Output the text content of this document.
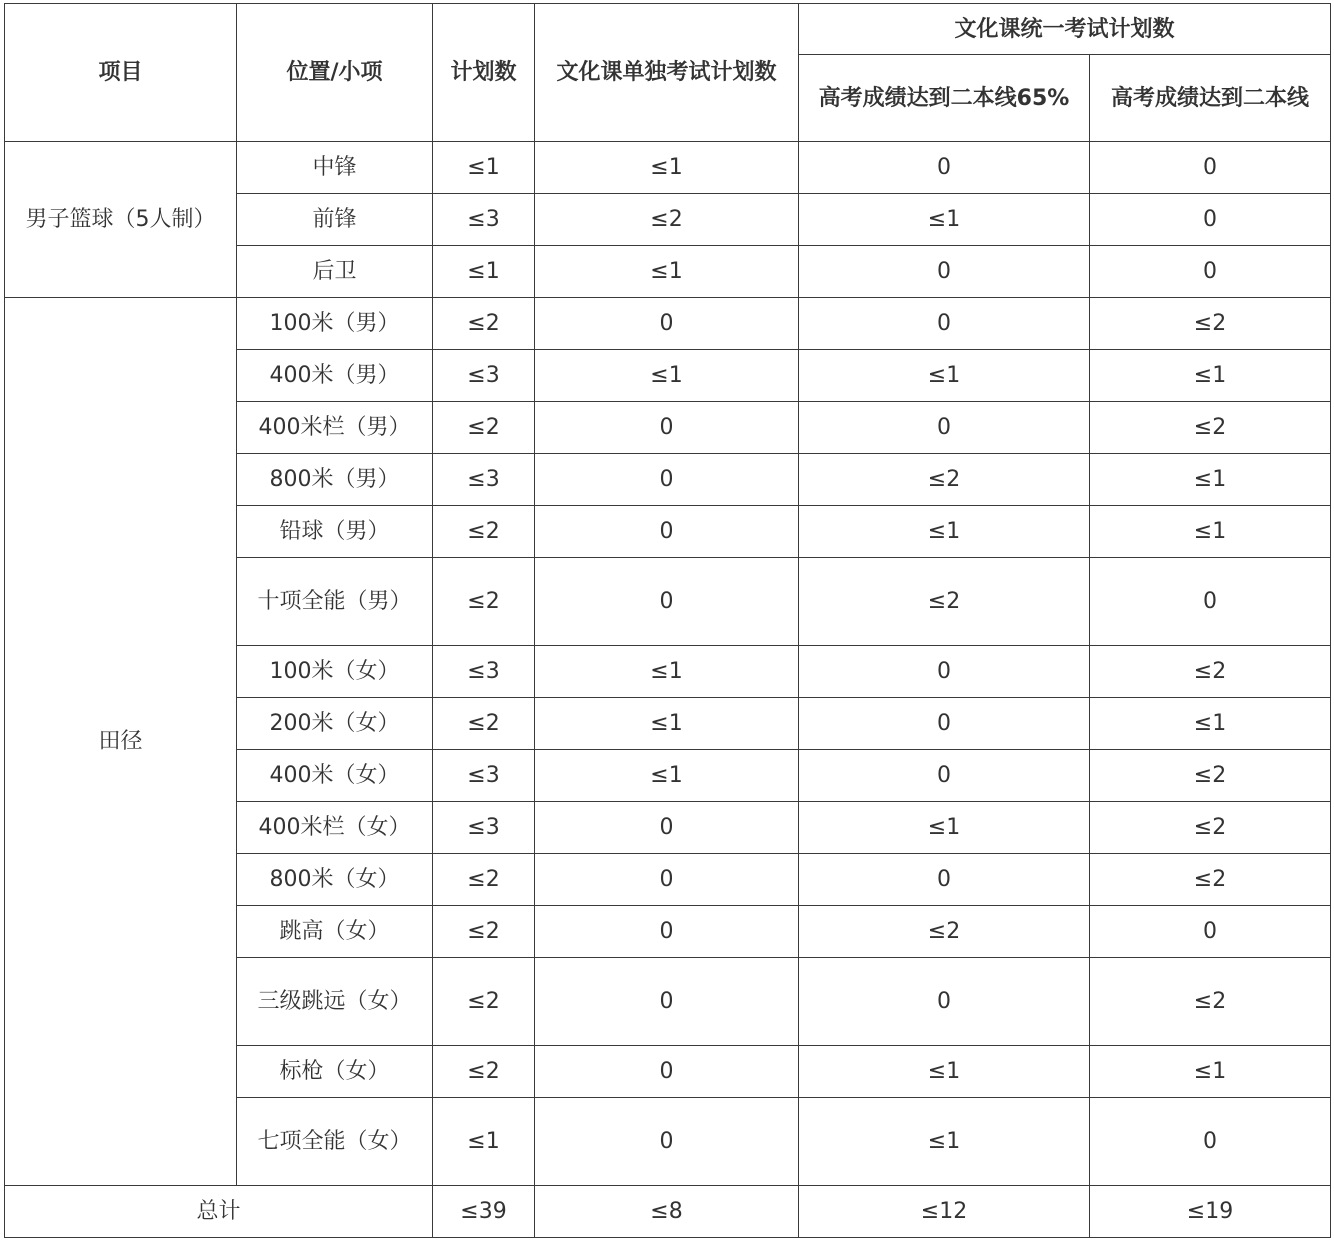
项目	位置/小项	计划数	文化课单独考试计划数	文化课统一考试计划数	
				高考成绩达到二本线65%	高考成绩达到二本线
男子篮球（5人制）	中锋	≤1	≤1	0	0
	前锋	≤3	≤2	≤1	0
	后卫	≤1	≤1	0	0
田径	100米（男）	≤2	0	0	≤2
	400米（男）	≤3	≤1	≤1	≤1
	400米栏（男）	≤2	0	0	≤2
	800米（男）	≤3	0	≤2	≤1
	铅球（男）	≤2	0	≤1	≤1
	十项全能（男）	≤2	0	≤2	0
	100米（女）	≤3	≤1	0	≤2
	200米（女）	≤2	≤1	0	≤1
	400米（女）	≤3	≤1	0	≤2
	400米栏（女）	≤3	0	≤1	≤2
	800米（女）	≤2	0	0	≤2
	跳高（女）	≤2	0	≤2	0
	三级跳远（女）	≤2	0	0	≤2
	标枪（女）	≤2	0	≤1	≤1
	七项全能（女）	≤1	0	≤1	0
总计		≤39	≤8	≤12	≤19
